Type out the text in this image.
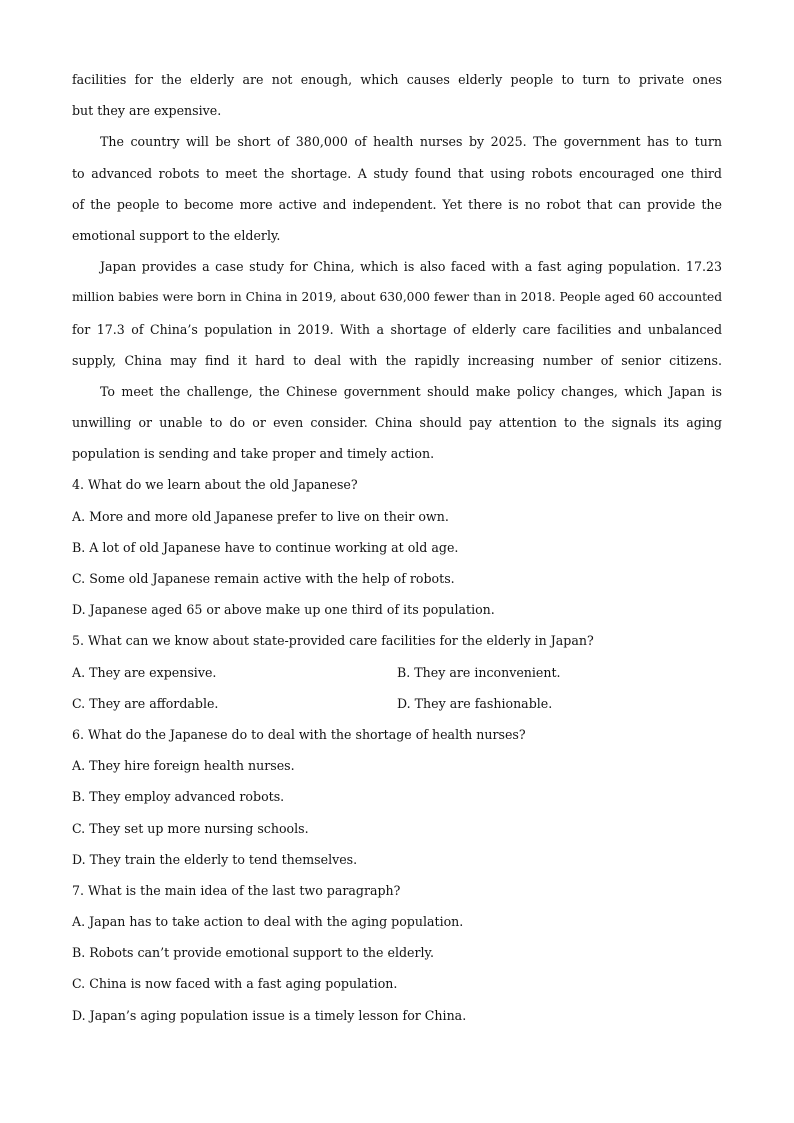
facilities for the elderly are not enough, which causes elderly people to turn to private ones
but they are expensive.
The country will be short of 380,000 of health nurses by 2025. The government has to turn
to advanced robots to meet the shortage. A study found that using robots encouraged one third
of the people to become more active and independent. Yet there is no robot that can provide the
emotional support to the elderly.
Japan provides a case study for China, which is also faced with a fast aging population. 17.23
million babies were born in China in 2019, about 630,000 fewer than in 2018. People aged 60 accounted
for 17.3 of China’s population in 2019. With a shortage of elderly care facilities and unbalanced
supply, China may find it hard to deal with the rapidly increasing number of senior citizens.
To meet the challenge, the Chinese government should make policy changes, which Japan is
unwilling or unable to do or even consider. China should pay attention to the signals its aging
population is sending and take proper and timely action.
4. What do we learn about the old Japanese?
A. More and more old Japanese prefer to live on their own.
B. A lot of old Japanese have to continue working at old age.
C. Some old Japanese remain active with the help of robots.
D. Japanese aged 65 or above make up one third of its population.
5. What can we know about state-provided care facilities for the elderly in Japan?
A. They are expensive.	B. They are inconvenient.
C. They are affordable.	D. They are fashionable.
6. What do the Japanese do to deal with the shortage of health nurses?
A. They hire foreign health nurses.
B. They employ advanced robots.
C. They set up more nursing schools.
D. They train the elderly to tend themselves.
7. What is the main idea of the last two paragraph?
A. Japan has to take action to deal with the aging population.
B. Robots can’t provide emotional support to the elderly.
C. China is now faced with a fast aging population.
D. Japan’s aging population issue is a timely lesson for China.
